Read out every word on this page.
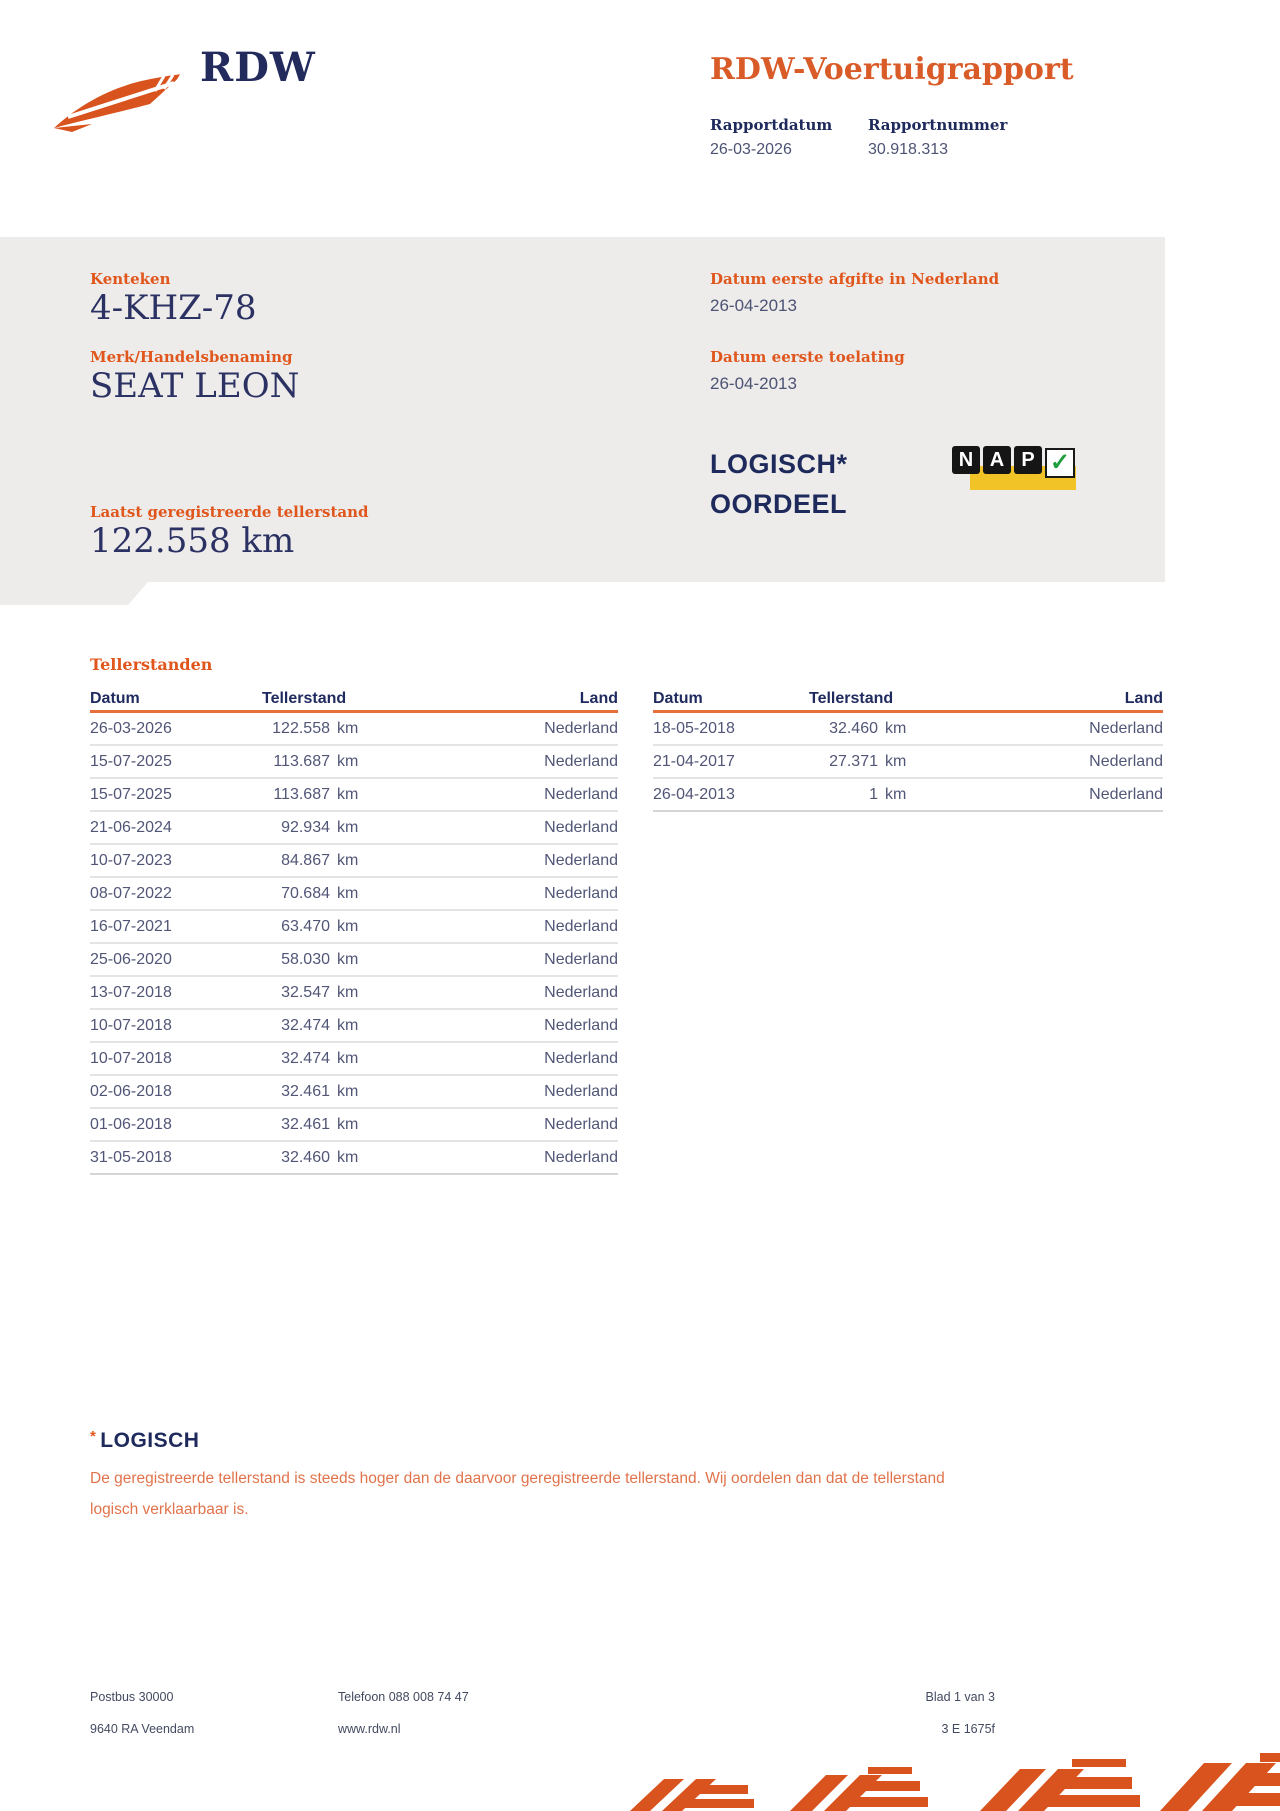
RDW	RDW-Voertuigrapport
Rapportdatum Rapportnummer
26-03-2026	30.918.313
Kenteken
4-KHZ-78
Merk/Handelsbenaming
SEAT LEON
Laatst geregistreerde tellerstand
122.558 km
Datum eerste afgifte in Nederland
26-04-2013
Datum eerste toelating
26-04-2013
LOGISCH*
OORDEEL
N A P ✓
Tellerstanden
Datum	Tellerstand	Land
26-03-2026	122.558 km	Nederland
15-07-2025	113.687 km	Nederland
15-07-2025	113.687 km	Nederland
21-06-2024	92.934 km	Nederland
10-07-2023	84.867 km	Nederland
08-07-2022	70.684 km	Nederland
16-07-2021	63.470 km	Nederland
25-06-2020	58.030 km	Nederland
13-07-2018	32.547 km	Nederland
10-07-2018	32.474 km	Nederland
10-07-2018	32.474 km	Nederland
02-06-2018	32.461 km	Nederland
01-06-2018	32.461 km	Nederland
31-05-2018	32.460 km	Nederland
Datum	Tellerstand	Land
18-05-2018	32.460 km	Nederland
21-04-2017	27.371 km	Nederland
26-04-2013	1 km	Nederland
* LOGISCH
De geregistreerde tellerstand is steeds hoger dan de daarvoor geregistreerde tellerstand. Wij oordelen dan dat de tellerstand logisch verklaarbaar is.
Postbus 30000
9640 RA Veendam
Telefoon 088 008 74 47
www.rdw.nl
Blad 1 van 3
3 E 1675f
